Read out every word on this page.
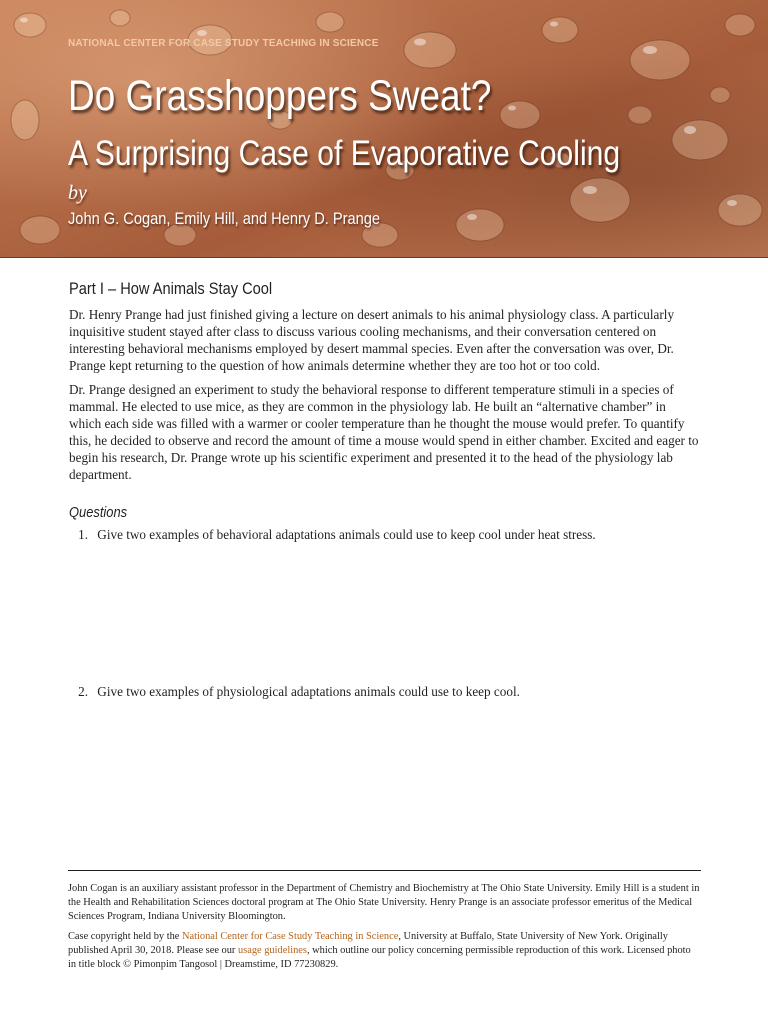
NATIONAL CENTER FOR CASE STUDY TEACHING IN SCIENCE
Do Grasshoppers Sweat?
A Surprising Case of Evaporative Cooling
by
John G. Cogan, Emily Hill, and Henry D. Prange
Part I – How Animals Stay Cool

Dr. Henry Prange had just finished giving a lecture on desert animals to his animal physiology class. A particularly inquisitive student stayed after class to discuss various cooling mechanisms, and their conversation centered on interesting behavioral mechanisms employed by desert mammal species. Even after the conversation was over, Dr. Prange kept returning to the question of how animals determine whether they are too hot or too cold.

Dr. Prange designed an experiment to study the behavioral response to different temperature stimuli in a species of mammal. He elected to use mice, as they are common in the physiology lab. He built an “alternative chamber” in which each side was filled with a warmer or cooler temperature than he thought the mouse would prefer. To quantify this, he decided to observe and record the amount of time a mouse would spend in either chamber. Excited and eager to begin his research, Dr. Prange wrote up his scientific experiment and presented it to the head of the physiology lab department.

Questions
1. Give two examples of behavioral adaptations animals could use to keep cool under heat stress.
2. Give two examples of physiological adaptations animals could use to keep cool.

John Cogan is an auxiliary assistant professor in the Department of Chemistry and Biochemistry at The Ohio State University. Emily Hill is a student in the Health and Rehabilitation Sciences doctoral program at The Ohio State University. Henry Prange is an associate professor emeritus of the Medical Sciences Program, Indiana University Bloomington.

Case copyright held by the National Center for Case Study Teaching in Science, University at Buffalo, State University of New York. Originally published April 30, 2018. Please see our usage guidelines, which outline our policy concerning permissible reproduction of this work. Licensed photo in title block © Pimonpim Tangosol | Dreamstime, ID 77230829.
